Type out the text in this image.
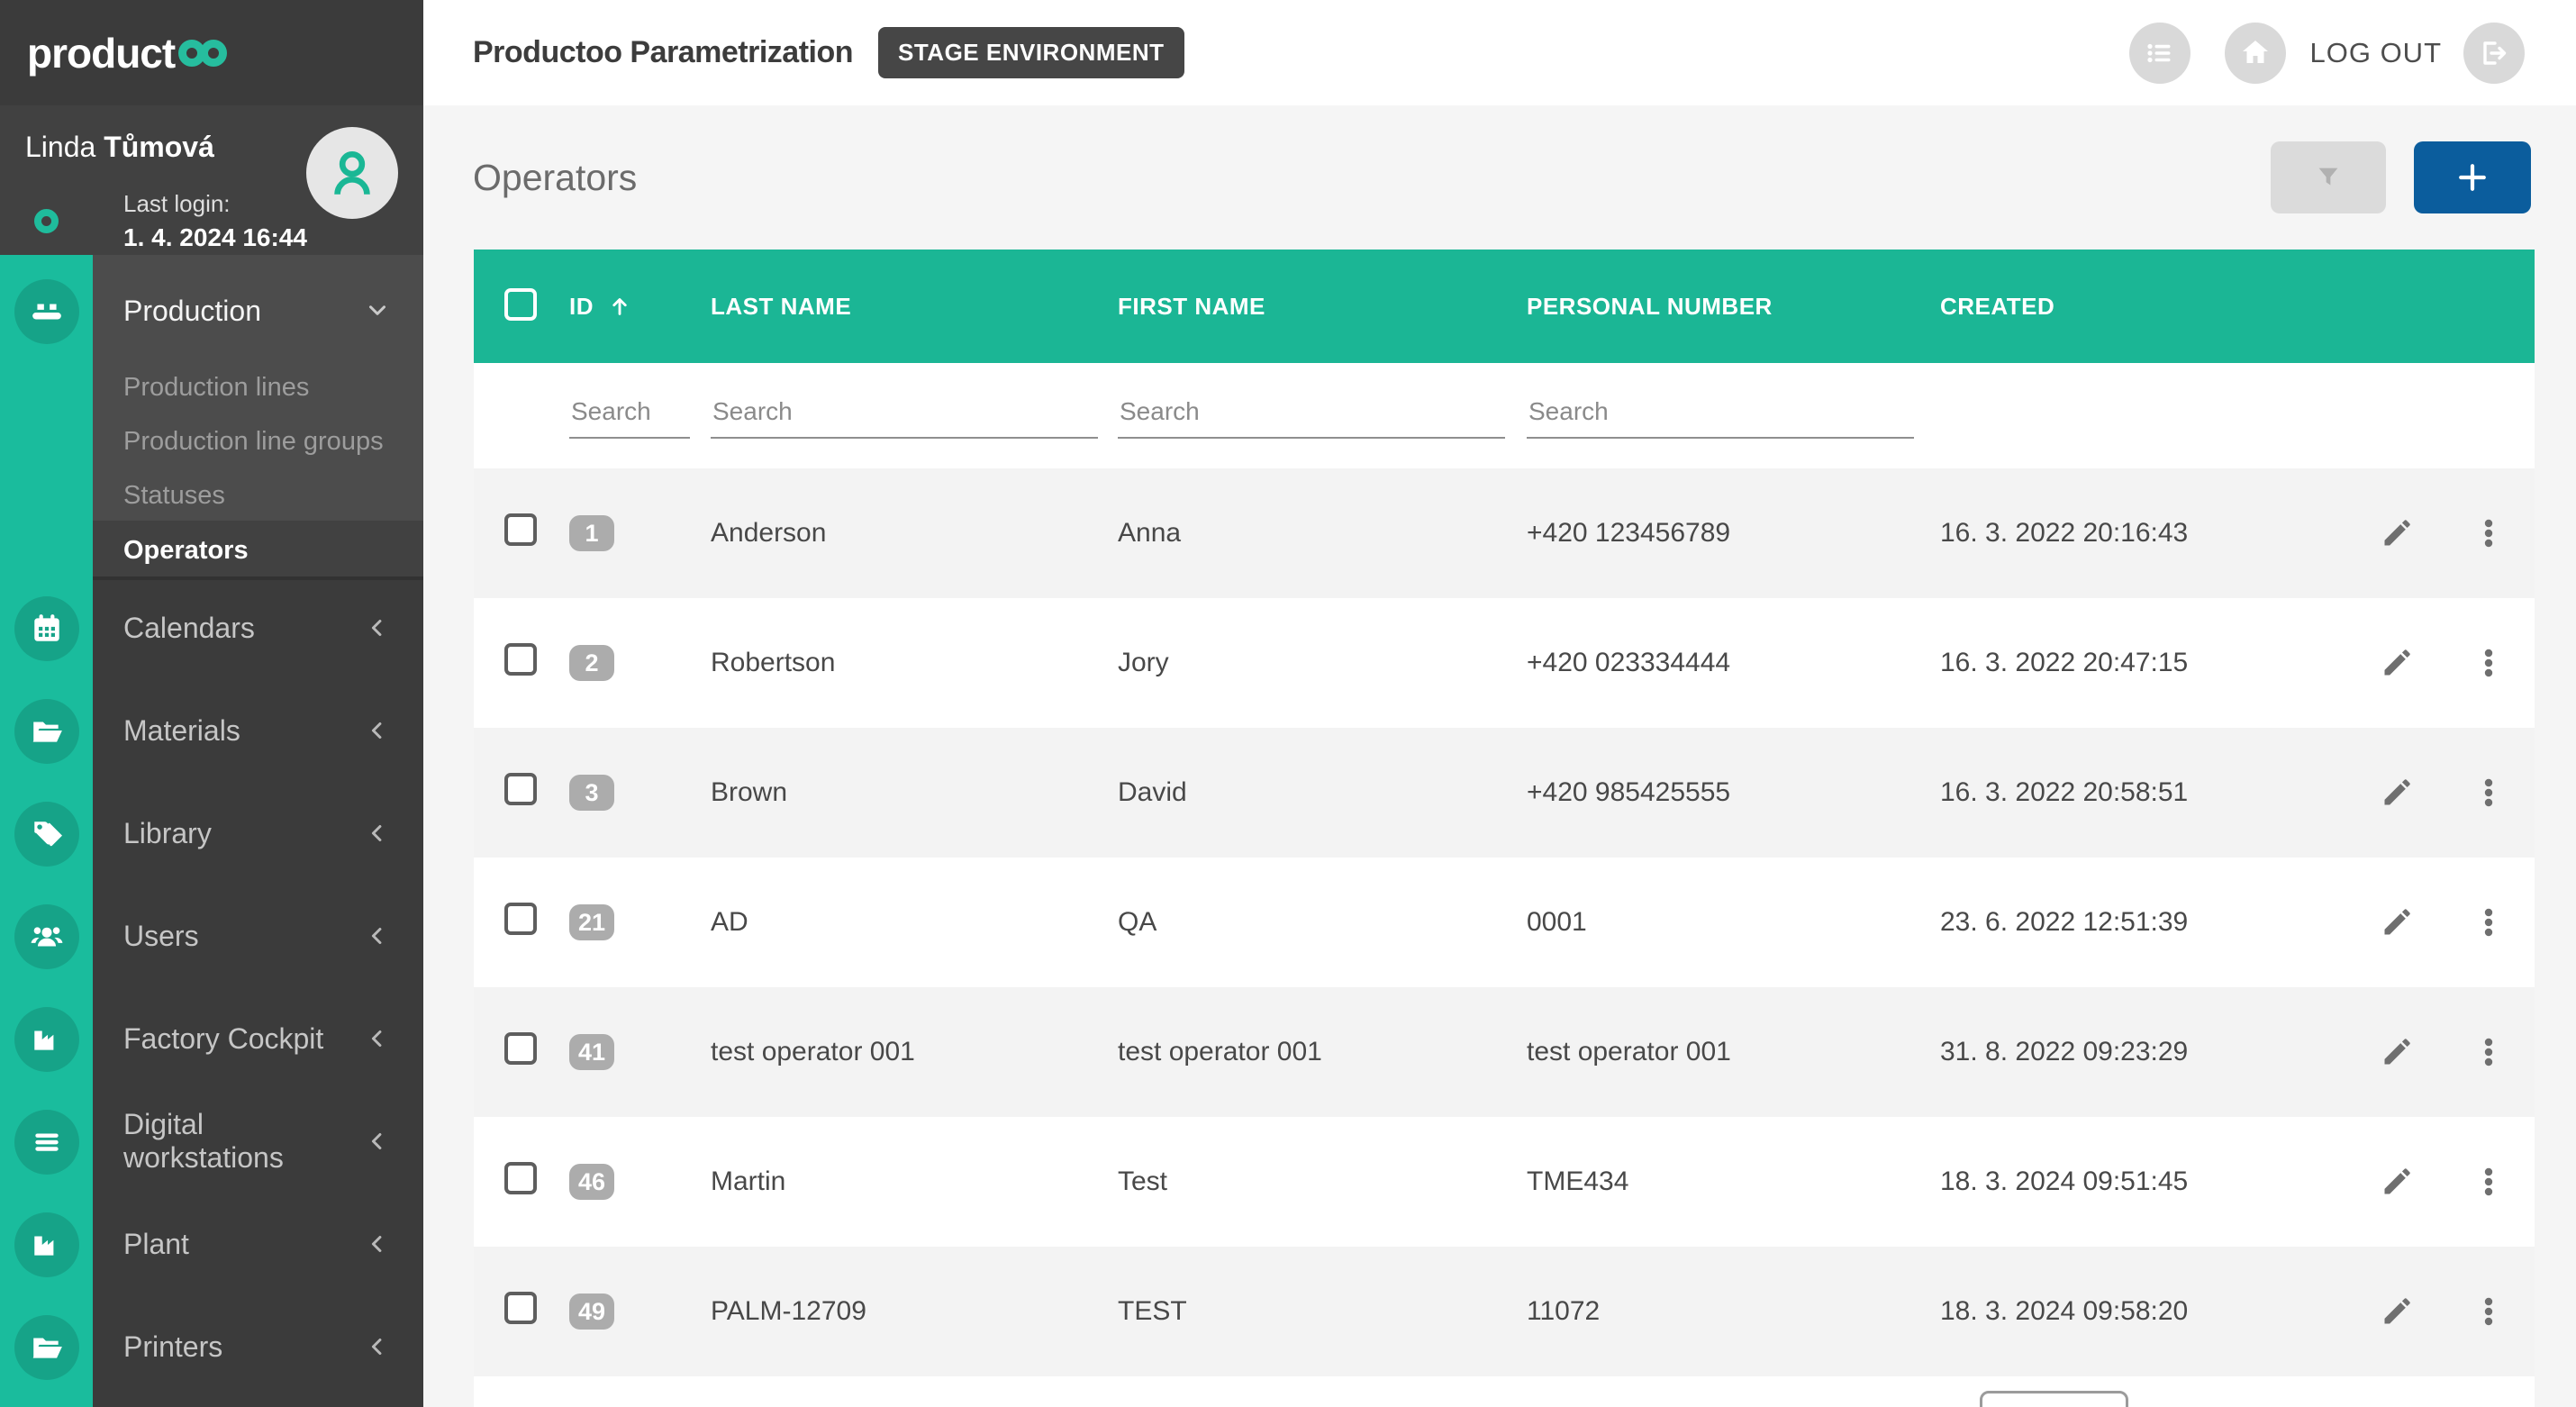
product
Linda Tůmová
Last login:
1. 4. 2024 16:44
Production
Production lines
Production line groups
Statuses
Operators
Calendars
Materials
Library
Users
Factory Cockpit
Digital workstations
Plant
Printers
Productoo Parametrization	STAGE ENVIRONMENT	LOG OUT
Operators
ID	LAST NAME	FIRST NAME	PERSONAL NUMBER	CREATED
Search
Search
Search
Search
1	Anderson	Anna	+420 123456789	16. 3. 2022 20:16:43
2	Robertson	Jory	+420 023334444	16. 3. 2022 20:47:15
3	Brown	David	+420 985425555	16. 3. 2022 20:58:51
21	AD	QA	0001	23. 6. 2022 12:51:39
41	test operator 001	test operator 001	test operator 001	31. 8. 2022 09:23:29
46	Martin	Test	TME434	18. 3. 2024 09:51:45
49	PALM-12709	TEST	11072	18. 3. 2024 09:58:20
